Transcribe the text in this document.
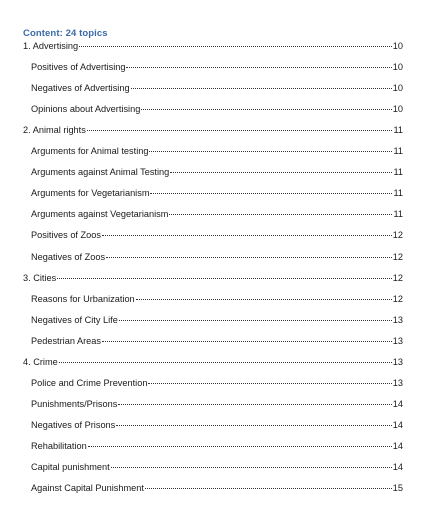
Content: 24 topics
1. Advertising	10
Positives of Advertising	10
Negatives of Advertising	10
Opinions about Advertising	10
2. Animal rights	11
Arguments for Animal testing	11
Arguments against Animal Testing	11
Arguments for Vegetarianism	11
Arguments against Vegetarianism	11
Positives of Zoos	12
Negatives of Zoos	12
3. Cities	12
Reasons for Urbanization	12
Negatives of City Life	13
Pedestrian Areas	13
4. Crime	13
Police and Crime Prevention	13
Punishments/Prisons	14
Negatives of Prisons	14
Rehabilitation	14
Capital punishment	14
Against Capital Punishment	15
